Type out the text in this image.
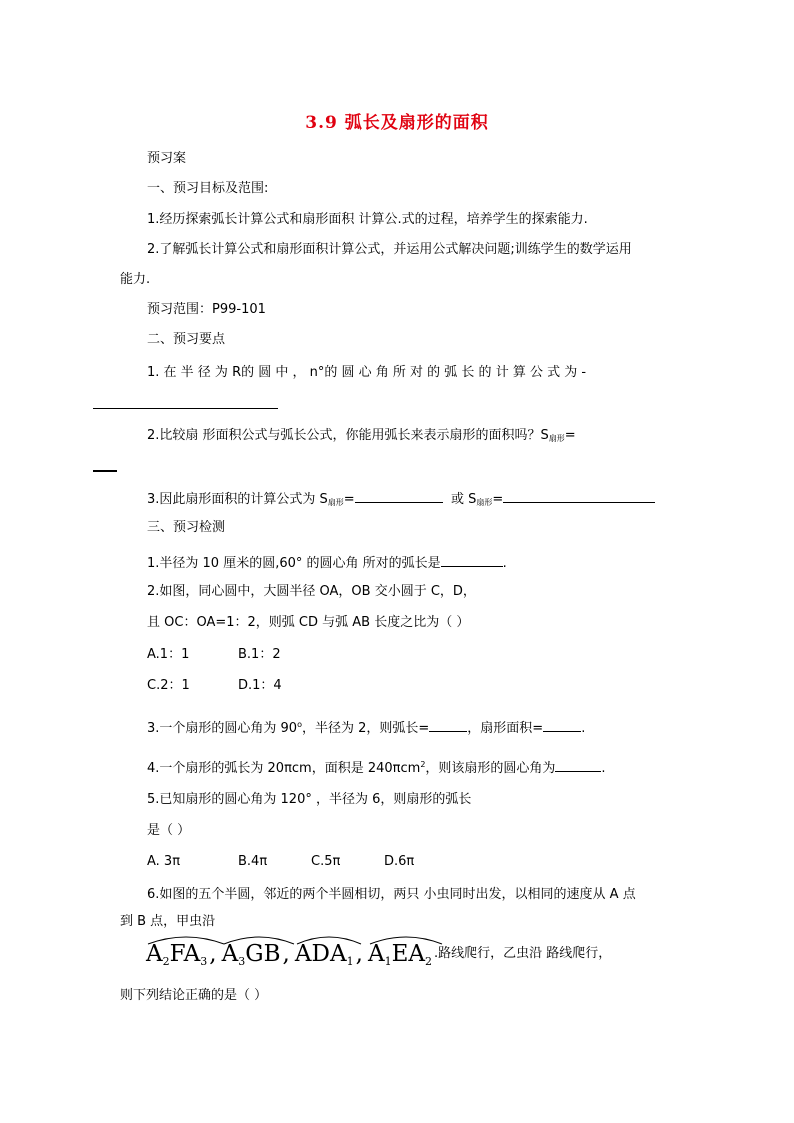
3.9 弧长及扇形的面积
预习案
一、预习目标及范围:
1.经历探索弧长计算公式和扇形面积 计算公.式的过程，培养学生的探索能力.
2.了解弧长计算公式和扇形面积计算公式，并运用公式解决问题;训练学生的数学运用
能力.
预习范围：P99-101
二、预习要点
1. 在 半 径 为 R的 圆 中 ， n°的 圆 心 角 所 对 的 弧 长 的 计 算 公 式 为 -
2.比较扇 形面积公式与弧长公式，你能用弧长来表示扇形的面积吗？$S_{扇形}=$
3.因此扇形面积的计算公式为 $S_{扇形}=$	或 $S_{扇形}=$
三、预习检测
1.半径为 10 厘米的圆,60° 的圆心角 所对的弧长是	.
2.如图，同心圆中，大圆半径 OA，OB 交小圆于 C，D，
且 OC：OA=1：2，则弧 CD 与弧 AB 长度之比为（ ）
A.1：1	B.1：2
C.2：1	D.1：4
3.一个扇形的圆心角为 90$^o$，半径为 2，则弧长=	，扇形面积=	.
4.一个扇形的弧长为 20πcm，面积是 240πcm$^2$，则该扇形的圆心角为	.
5.已知扇形的圆心角为 120° ，半径为 6，则扇形的弧长
是（ ）
A. 3π	B.4π	C.5π	D.6π
6.如图的五个半圆，邻近的两个半圆相切，两只 小虫同时出发，以相同的速度从 A 点
到 B 点，甲虫沿
$A_2FA_3$, $A_3GB$, $ADA_1$, $A_1EA_2^{.路线爬行,乙虫沿 路线爬行,}$
则下列结论正确的是（ ）
